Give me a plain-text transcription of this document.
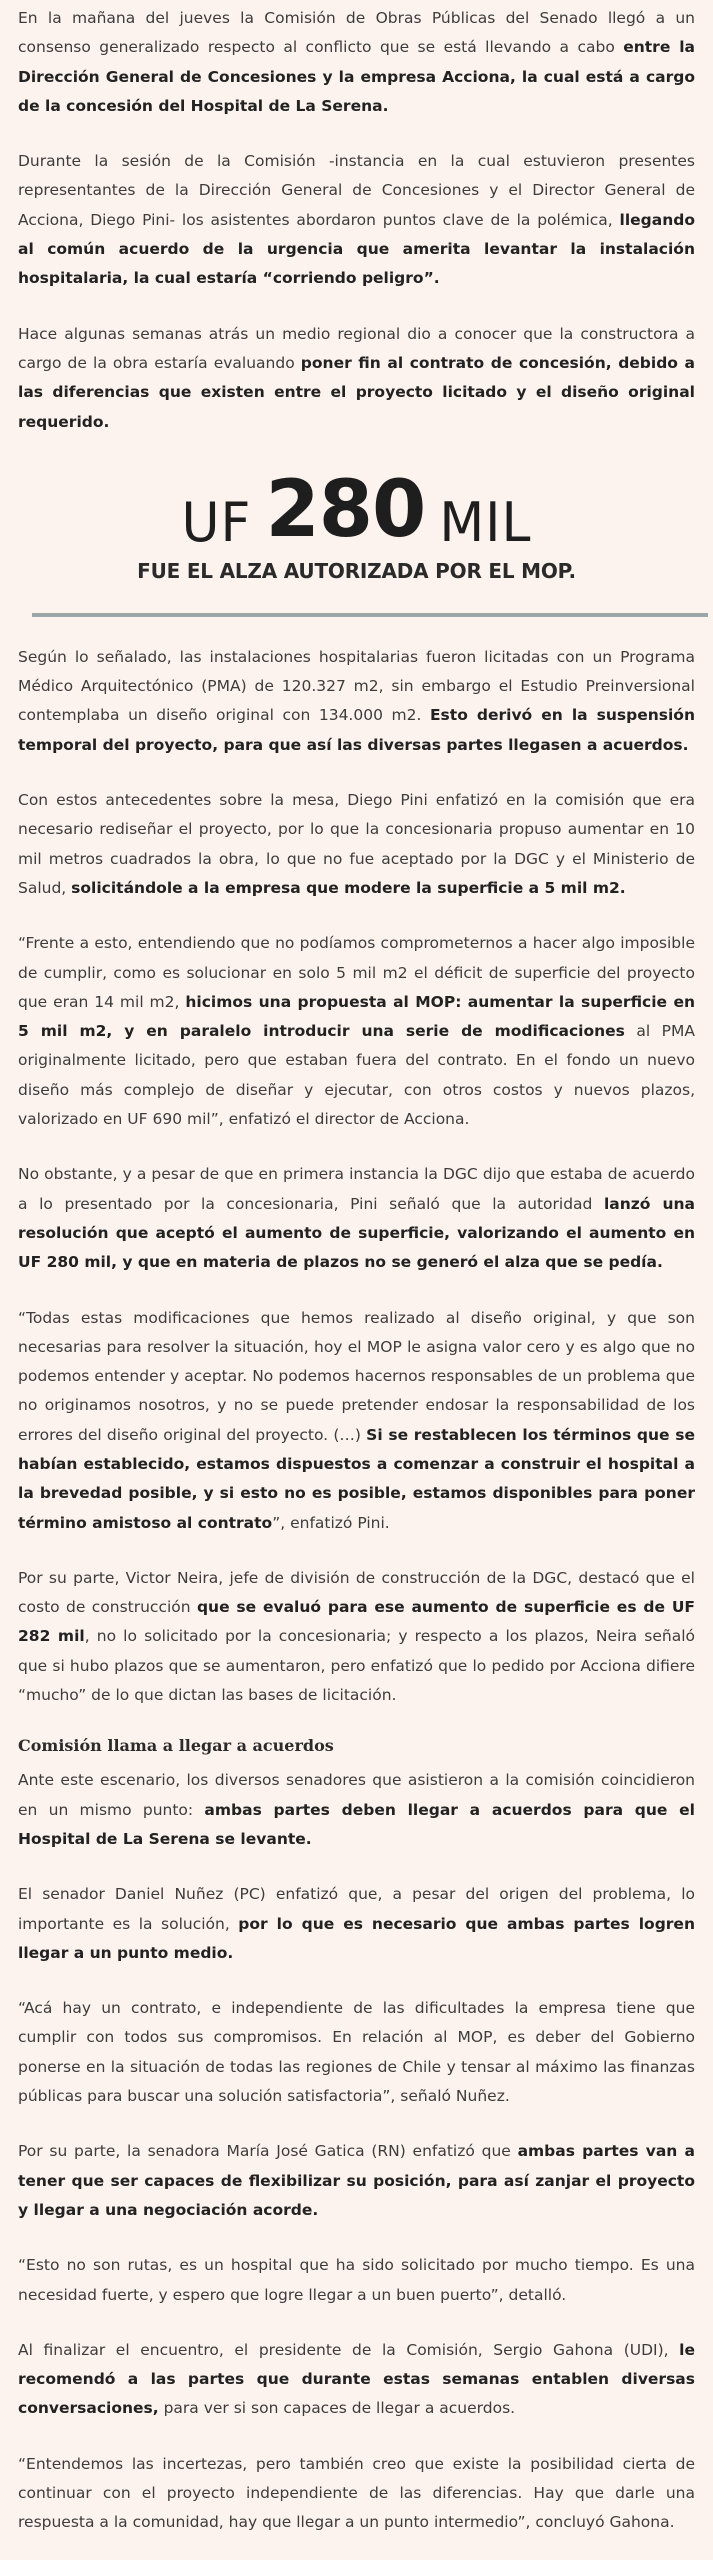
En la mañana del jueves la Comisión de Obras Públicas del Senado llegó a un consenso generalizado respecto al conflicto que se está llevando a cabo entre la Dirección General de Concesiones y la empresa Acciona, la cual está a cargo de la concesión del Hospital de La Serena.

Durante la sesión de la Comisión -instancia en la cual estuvieron presentes representantes de la Dirección General de Concesiones y el Director General de Acciona, Diego Pini- los asistentes abordaron puntos clave de la polémica, llegando al común acuerdo de la urgencia que amerita levantar la instalación hospitalaria, la cual estaría “corriendo peligro”.

Hace algunas semanas atrás un medio regional dio a conocer que la constructora a cargo de la obra estaría evaluando poner fin al contrato de concesión, debido a las diferencias que existen entre el proyecto licitado y el diseño original requerido.

UF 280 MIL
FUE EL ALZA AUTORIZADA POR EL MOP.

Según lo señalado, las instalaciones hospitalarias fueron licitadas con un Programa Médico Arquitectónico (PMA) de 120.327 m2, sin embargo el Estudio Preinversional contemplaba un diseño original con 134.000 m2. Esto derivó en la suspensión temporal del proyecto, para que así las diversas partes llegasen a acuerdos.

Con estos antecedentes sobre la mesa, Diego Pini enfatizó en la comisión que era necesario rediseñar el proyecto, por lo que la concesionaria propuso aumentar en 10 mil metros cuadrados la obra, lo que no fue aceptado por la DGC y el Ministerio de Salud, solicitándole a la empresa que modere la superficie a 5 mil m2.

“Frente a esto, entendiendo que no podíamos comprometernos a hacer algo imposible de cumplir, como es solucionar en solo 5 mil m2 el déficit de superficie del proyecto que eran 14 mil m2, hicimos una propuesta al MOP: aumentar la superficie en 5 mil m2, y en paralelo introducir una serie de modificaciones al PMA originalmente licitado, pero que estaban fuera del contrato. En el fondo un nuevo diseño más complejo de diseñar y ejecutar, con otros costos y nuevos plazos, valorizado en UF 690 mil”, enfatizó el director de Acciona.

No obstante, y a pesar de que en primera instancia la DGC dijo que estaba de acuerdo a lo presentado por la concesionaria, Pini señaló que la autoridad lanzó una resolución que aceptó el aumento de superficie, valorizando el aumento en UF 280 mil, y que en materia de plazos no se generó el alza que se pedía.

“Todas estas modificaciones que hemos realizado al diseño original, y que son necesarias para resolver la situación, hoy el MOP le asigna valor cero y es algo que no podemos entender y aceptar. No podemos hacernos responsables de un problema que no originamos nosotros, y no se puede pretender endosar la responsabilidad de los errores del diseño original del proyecto. (…) Si se restablecen los términos que se habían establecido, estamos dispuestos a comenzar a construir el hospital a la brevedad posible, y si esto no es posible, estamos disponibles para poner término amistoso al contrato”, enfatizó Pini.

Por su parte, Victor Neira, jefe de división de construcción de la DGC, destacó que el costo de construcción que se evaluó para ese aumento de superficie es de UF 282 mil, no lo solicitado por la concesionaria; y respecto a los plazos, Neira señaló que si hubo plazos que se aumentaron, pero enfatizó que lo pedido por Acciona difiere “mucho” de lo que dictan las bases de licitación.

Comisión llama a llegar a acuerdos

Ante este escenario, los diversos senadores que asistieron a la comisión coincidieron en un mismo punto: ambas partes deben llegar a acuerdos para que el Hospital de La Serena se levante.

El senador Daniel Nuñez (PC) enfatizó que, a pesar del origen del problema, lo importante es la solución, por lo que es necesario que ambas partes logren llegar a un punto medio.

“Acá hay un contrato, e independiente de las dificultades la empresa tiene que cumplir con todos sus compromisos. En relación al MOP, es deber del Gobierno ponerse en la situación de todas las regiones de Chile y tensar al máximo las finanzas públicas para buscar una solución satisfactoria”, señaló Nuñez.

Por su parte, la senadora María José Gatica (RN) enfatizó que ambas partes van a tener que ser capaces de flexibilizar su posición, para así zanjar el proyecto y llegar a una negociación acorde.

“Esto no son rutas, es un hospital que ha sido solicitado por mucho tiempo. Es una necesidad fuerte, y espero que logre llegar a un buen puerto”, detalló.

Al finalizar el encuentro, el presidente de la Comisión, Sergio Gahona (UDI), le recomendó a las partes que durante estas semanas entablen diversas conversaciones, para ver si son capaces de llegar a acuerdos.

“Entendemos las incertezas, pero también creo que existe la posibilidad cierta de continuar con el proyecto independiente de las diferencias. Hay que darle una respuesta a la comunidad, hay que llegar a un punto intermedio”, concluyó Gahona.
